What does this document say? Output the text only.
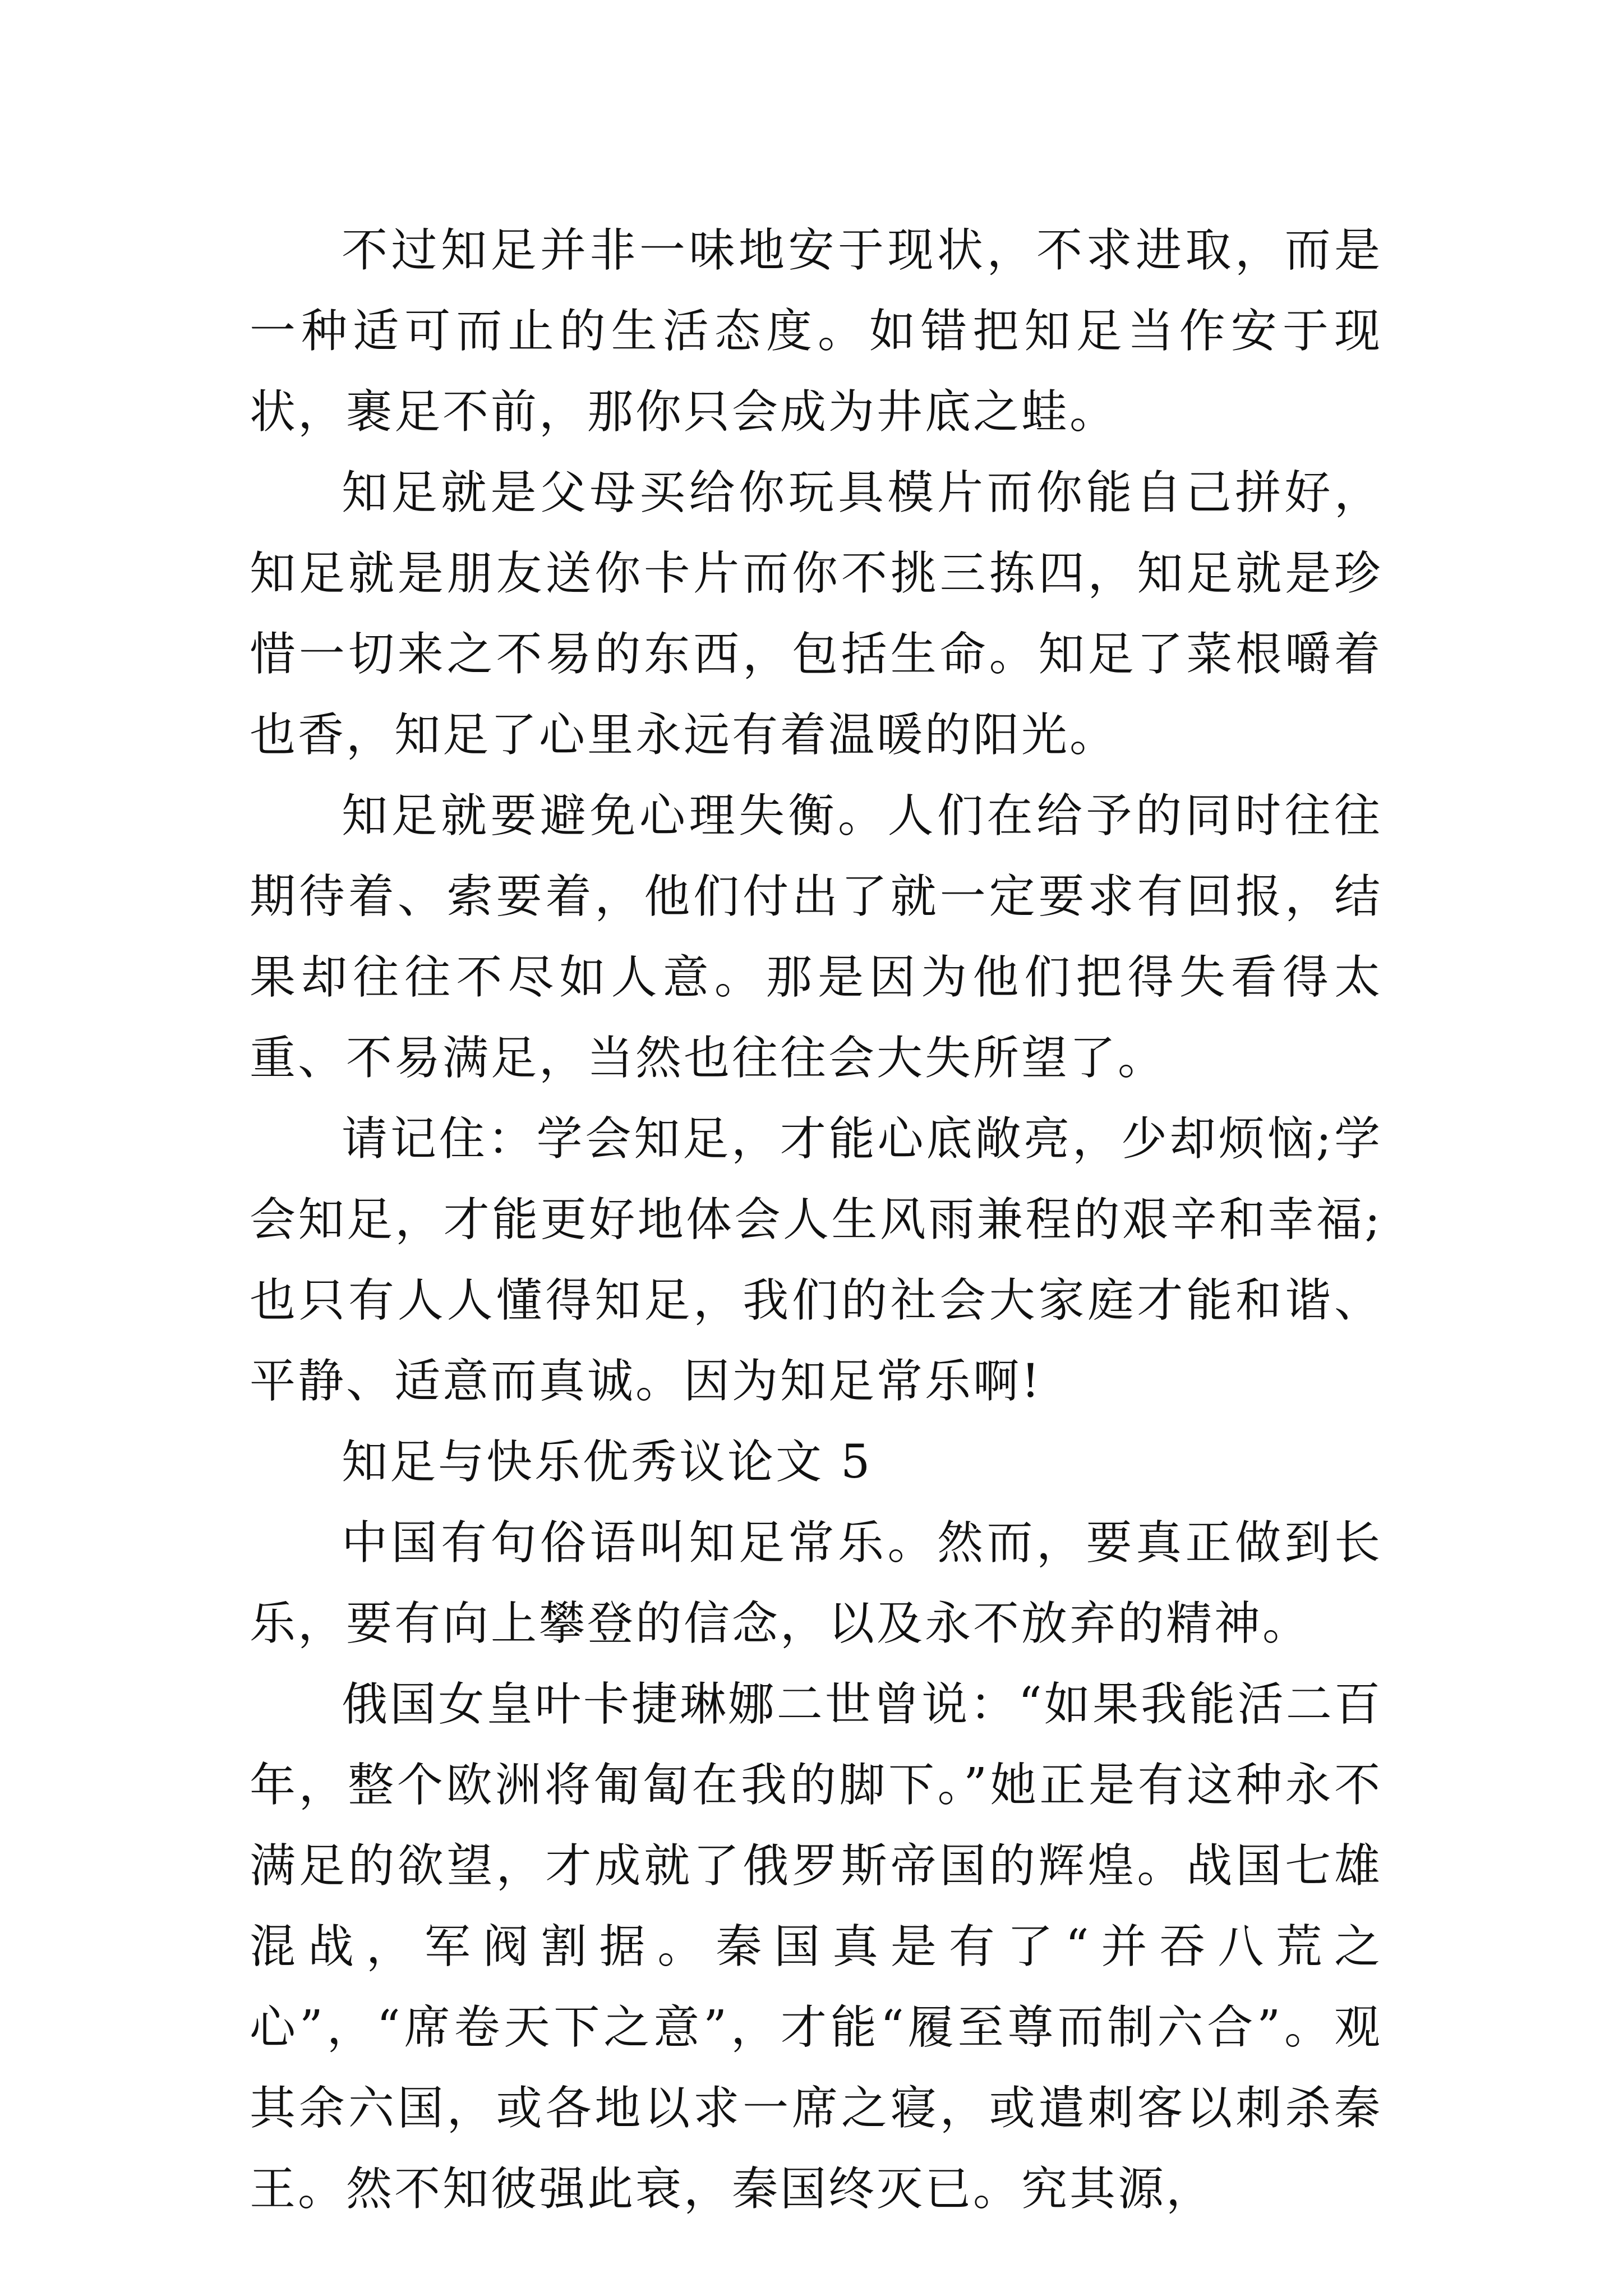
不过知足并非一味地安于现状，不求进取，而是一种适可而止的生活态度。如错把知足当作安于现状，裹足不前，那你只会成为井底之蛙。

知足就是父母买给你玩具模片而你能自己拼好，知足就是朋友送你卡片而你不挑三拣四，知足就是珍惜一切来之不易的东西，包括生命。知足了菜根嚼着也香，知足了心里永远有着温暖的阳光。

知足就要避免心理失衡。人们在给予的同时往往期待着、索要着，他们付出了就一定要求有回报，结果却往往不尽如人意。那是因为他们把得失看得太重、不易满足，当然也往往会大失所望了。

请记住：学会知足，才能心底敞亮，少却烦恼;学会知足，才能更好地体会人生风雨兼程的艰辛和幸福;也只有人人懂得知足，我们的社会大家庭才能和谐、平静、适意而真诚。因为知足常乐啊!

知足与快乐优秀议论文 5

中国有句俗语叫知足常乐。然而，要真正做到长乐，要有向上攀登的信念，以及永不放弃的精神。

俄国女皇叶卡捷琳娜二世曾说：“如果我能活二百年，整个欧洲将匍匐在我的脚下。”她正是有这种永不满足的欲望，才成就了俄罗斯帝国的辉煌。战国七雄混战，军阀割据。秦国真是有了“并吞八荒之心”，“席卷天下之意”，才能“履至尊而制六合”。观其余六国，或各地以求一席之寝，或遣刺客以刺杀秦王。然不知彼强此衰，秦国终灭已。究其源，
